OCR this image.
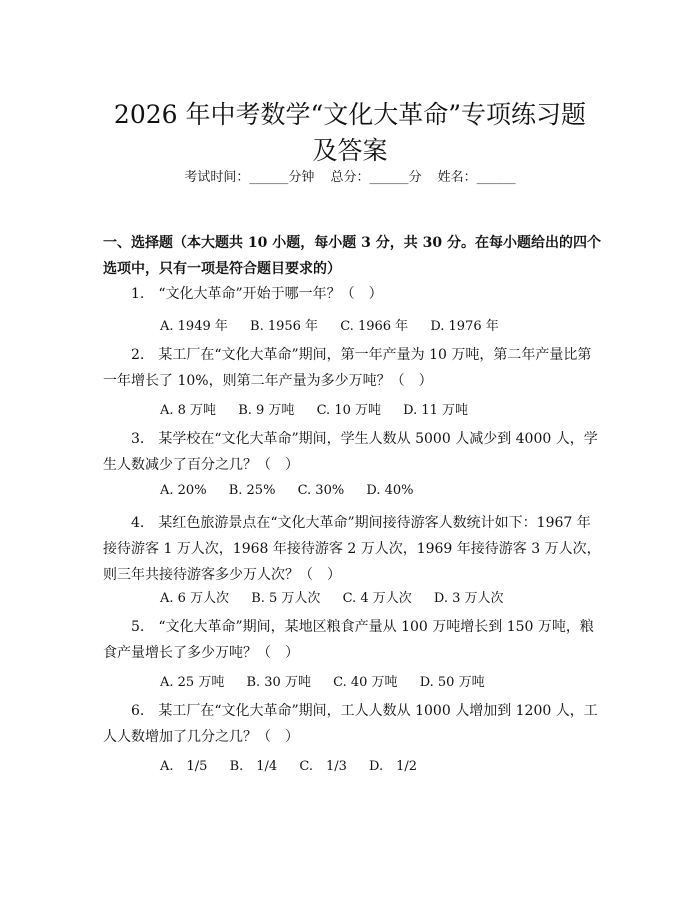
2026 年中考数学“文化大革命”专项练习题
及答案
考试时间：______分钟 总分：______分 姓名：______
一、选择题（本大题共 10 小题，每小题 3 分，共 30 分。在每小题给出的四个选项中，只有一项是符合题目要求的）
1.　“文化大革命”开始于哪一年？（　）
A. 1949 年 B. 1956 年 C. 1966 年 D. 1976 年
2.　某工厂在“文化大革命”期间，第一年产量为 10 万吨，第二年产量比第一年增长了 10%，则第二年产量为多少万吨？（　）
A. 8 万吨 B. 9 万吨 C. 10 万吨 D. 11 万吨
3.　某学校在“文化大革命”期间，学生人数从 5000 人减少到 4000 人，学生人数减少了百分之几？（　）
A. 20% B. 25% C. 30% D. 40%
4.　某红色旅游景点在“文化大革命”期间接待游客人数统计如下：1967 年接待游客 1 万人次，1968 年接待游客 2 万人次，1969 年接待游客 3 万人次，则三年共接待游客多少万人次？（　）
A. 6 万人次 B. 5 万人次 C. 4 万人次 D. 3 万人次
5.　“文化大革命”期间，某地区粮食产量从 100 万吨增长到 150 万吨，粮食产量增长了多少万吨？（　）
A. 25 万吨 B. 30 万吨 C. 40 万吨 D. 50 万吨
6.　某工厂在“文化大革命”期间，工人人数从 1000 人增加到 1200 人，工人人数增加了几分之几？（　）
A.　1/5 B.　1/4 C.　1/3 D.　1/2
